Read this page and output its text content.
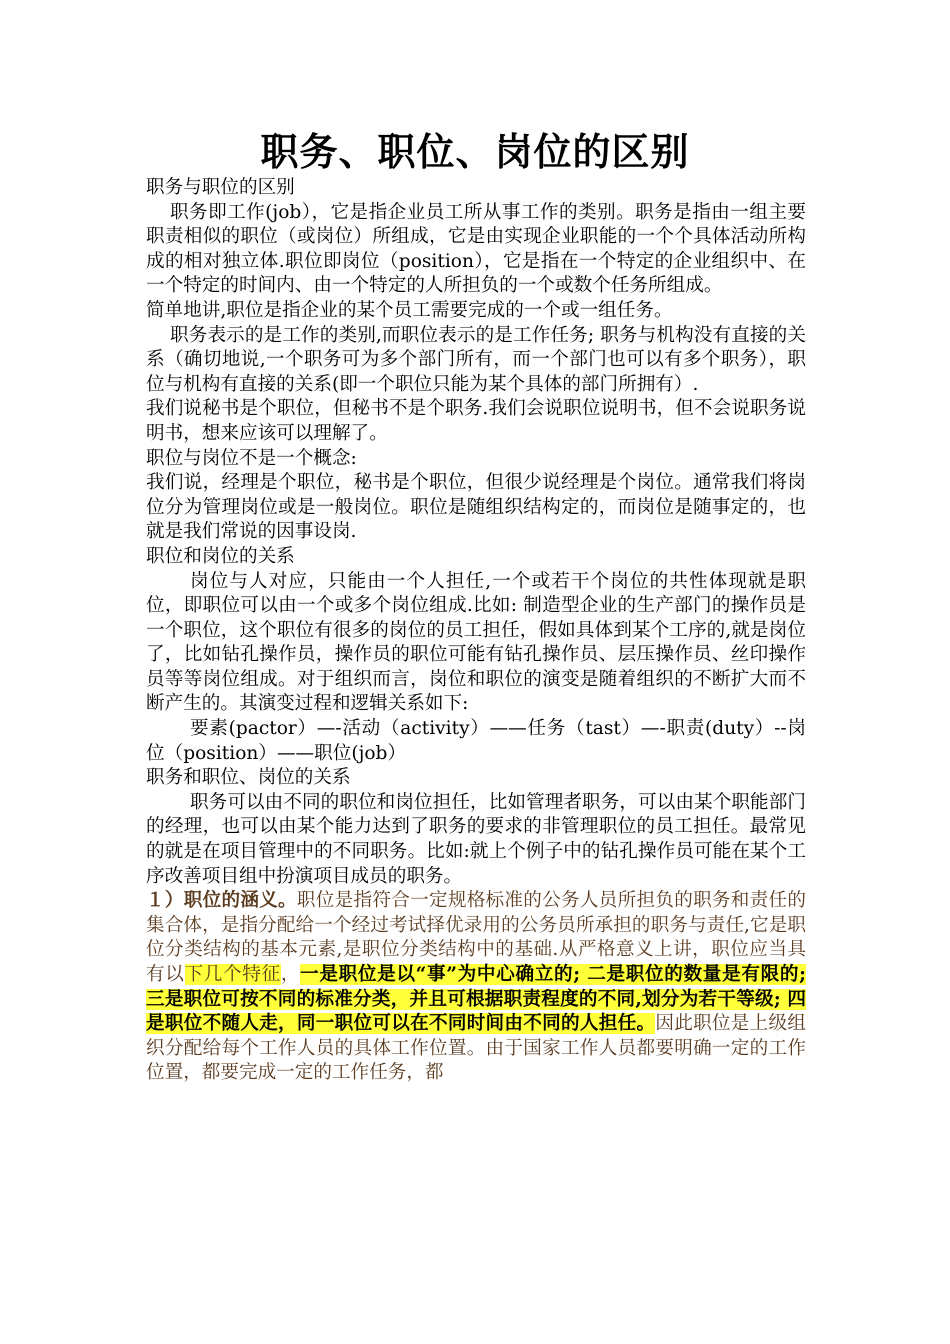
职务、职位、岗位的区别

职务与职位的区别

职务即工作(job），它是指企业员工所从事工作的类别。职务是指由一组主要职责相似的职位（或岗位）所组成，它是由实现企业职能的一个个具体活动所构成的相对独立体.职位即岗位（position），它是指在一个特定的企业组织中、在一个特定的时间内、由一个特定的人所担负的一个或数个任务所组成。

简单地讲,职位是指企业的某个员工需要完成的一个或一组任务。

职务表示的是工作的类别,而职位表示的是工作任务; 职务与机构没有直接的关系（确切地说,一个职务可为多个部门所有，而一个部门也可以有多个职务），职位与机构有直接的关系(即一个职位只能为某个具体的部门所拥有）.

我们说秘书是个职位，但秘书不是个职务.我们会说职位说明书，但不会说职务说明书，想来应该可以理解了。

职位与岗位不是一个概念:

我们说，经理是个职位，秘书是个职位，但很少说经理是个岗位。通常我们将岗位分为管理岗位或是一般岗位。职位是随组织结构定的，而岗位是随事定的，也就是我们常说的因事设岗.

职位和岗位的关系

岗位与人对应，只能由一个人担任,一个或若干个岗位的共性体现就是职位，即职位可以由一个或多个岗位组成.比如: 制造型企业的生产部门的操作员是一个职位，这个职位有很多的岗位的员工担任，假如具体到某个工序的,就是岗位了，比如钻孔操作员，操作员的职位可能有钻孔操作员、层压操作员、丝印操作员等等岗位组成。对于组织而言，岗位和职位的演变是随着组织的不断扩大而不断产生的。其演变过程和逻辑关系如下:

要素(pactor）—-活动（activity）——任务（tast）—-职责(duty）--岗位（position）——职位(job）

职务和职位、岗位的关系

职务可以由不同的职位和岗位担任，比如管理者职务，可以由某个职能部门的经理，也可以由某个能力达到了职务的要求的非管理职位的员工担任。最常见的就是在项目管理中的不同职务。比如:就上个例子中的钻孔操作员可能在某个工序改善项目组中扮演项目成员的职务。

１）职位的涵义。职位是指符合一定规格标准的公务人员所担负的职务和责任的集合体，是指分配给一个经过考试择优录用的公务员所承担的职务与责任,它是职位分类结构的基本元素,是职位分类结构中的基础.从严格意义上讲，职位应当具有以下几个特征，一是职位是以“事”为中心确立的; 二是职位的数量是有限的; 三是职位可按不同的标准分类，并且可根据职责程度的不同,划分为若干等级; 四是职位不随人走，同一职位可以在不同时间由不同的人担任。因此职位是上级组织分配给每个工作人员的具体工作位置。由于国家工作人员都要明确一定的工作位置，都要完成一定的工作任务，都
